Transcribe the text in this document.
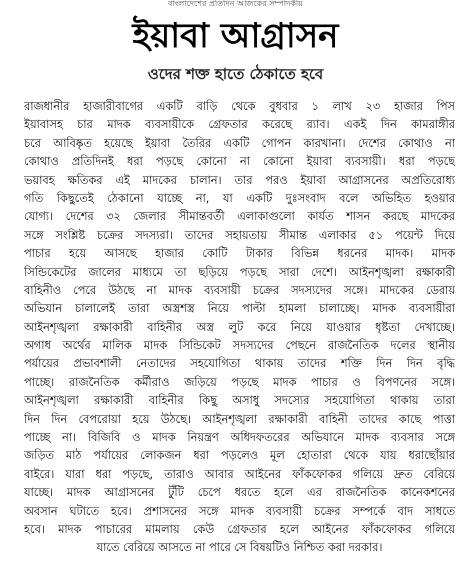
বাংলাদেশের প্রতিদিন আজকের সম্পাদকীয়
ইয়াবা আগ্রাসন
ওদের শক্ত হাতে ঠেকাতে হবে
রাজধানীর হাজারীবাগের একটি বাড়ি থেকে বুধবার ১ লাখ ২৩ হাজার পিস
ইয়াবাসহ চার মাদক ব্যবসায়ীকে গ্রেফতার করেছে র‍্যাব। একই দিন কামরাঙ্গীর
চরে আবিষ্কৃত হয়েছে ইয়াবা তৈরির একটি গোপন কারখানা। দেশের কোথাও না
কোথাও প্রতিদিনই ধরা পড়ছে কোনো না কোনো ইয়াবা ব্যবসায়ী। ধরা পড়ছে
ভয়াবহ ক্ষতিকর এই মাদকের চালান। তার পরও ইয়াবা আগ্রাসনের অপ্রতিরোধ্য
গতি কিছুতেই ঠেকানো যাচ্ছে না, যা একটি দুঃসংবাদ বলে অভিহিত হওয়ার
যোগ্য। দেশের ৩২ জেলার সীমান্তবর্তী এলাকাগুলো কার্যত শাসন করছে মাদকের
সঙ্গে সংশ্লিষ্ট চক্রের সদস্যরা। তাদের সহায়তায় সীমান্ত এলাকার ৫১ পয়েন্ট দিয়ে
পাচার হয়ে আসছে হাজার কোটি টাকার বিভিন্ন ধরনের মাদক। মাদক
সিন্ডিকেটের জালের মাধ্যমে তা ছড়িয়ে পড়ছে সারা দেশে। আইনশৃঙ্খলা রক্ষাকারী
বাহিনীও পেরে উঠছে না মাদক ব্যবসায়ী চক্রের সদস্যদের সঙ্গে। মাদকের ডেরায়
অভিযান চালালেই তারা অস্ত্রশস্ত্র নিয়ে পাল্টা হামলা চালাচ্ছে। মাদক ব্যবসায়ীরা
আইনশৃঙ্খলা রক্ষাকারী বাহিনীর অস্ত্র লুট করে নিয়ে যাওয়ার ধৃষ্টতা দেখাচ্ছে।
অগাধ অর্থের মালিক মাদক সিন্ডিকেট সদস্যদের পেছনে রাজনৈতিক দলের স্থানীয়
পর্যায়ের প্রভাবশালী নেতাদের সহযোগিতা থাকায় তাদের শক্তি দিন দিন বৃদ্ধি
পাচ্ছে। রাজনৈতিক কর্মীরাও জড়িয়ে পড়ছে মাদক পাচার ও বিপণনের সঙ্গে।
আইনশৃঙ্খলা রক্ষাকারী বাহিনীর কিছু অসাধু সদস্যের সহযোগিতা থাকায় তারা
দিন দিন বেপরোয়া হয়ে উঠছে। আইনশৃঙ্খলা রক্ষাকারী বাহিনী তাদের কাছে পাত্তা
পাচ্ছে না। বিজিবি ও মাদক নিয়ন্ত্রণ অধিদফতরের অভিযানে মাদক ব্যবসার সঙ্গে
জড়িত মাঠ পর্যায়ের লোকজন ধরা পড়লেও মূল হোতারা থেকে যায় ধরাছোঁয়ার
বাইরে। যারা ধরা পড়ছে, তারাও আবার আইনের ফাঁকফোকর গলিয়ে দ্রুত বেরিয়ে
যাচ্ছে। মাদক আগ্রাসনের টুঁটি চেপে ধরতে হলে এর রাজনৈতিক কানেকশনের
অবসান ঘটাতে হবে। প্রশাসনের সঙ্গে মাদক ব্যবসায়ী চক্রের সম্পর্কে বাদ সাধতে
হবে। মাদক পাচারের মামলায় কেউ গ্রেফতার হলে আইনের ফাঁকফোকর গলিয়ে
যাতে বেরিয়ে আসতে না পারে সে বিষয়টিও নিশ্চিত করা দরকার।
